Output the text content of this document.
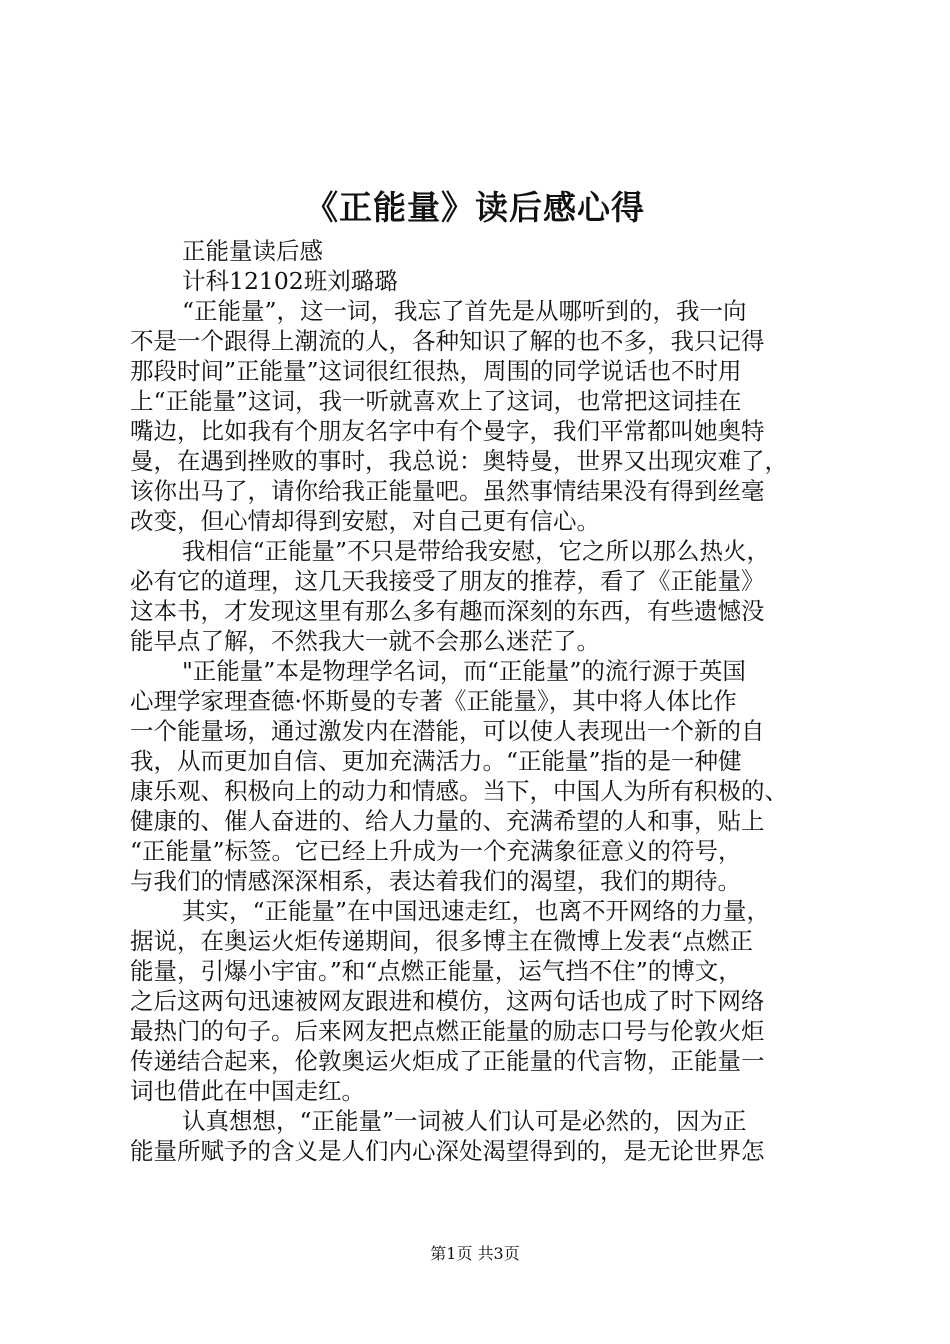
《正能量》读后感心得
正能量读后感
计科12102班刘璐璐
“正能量”，这一词，我忘了首先是从哪听到的，我一向
不是一个跟得上潮流的人，各种知识了解的也不多，我只记得
那段时间”正能量”这词很红很热，周围的同学说话也不时用
上“正能量”这词，我一听就喜欢上了这词，也常把这词挂在
嘴边，比如我有个朋友名字中有个曼字，我们平常都叫她奥特
曼，在遇到挫败的事时，我总说：奥特曼，世界又出现灾难了，
该你出马了，请你给我正能量吧。虽然事情结果没有得到丝毫
改变，但心情却得到安慰，对自己更有信心。
我相信“正能量”不只是带给我安慰，它之所以那么热火，
必有它的道理，这几天我接受了朋友的推荐，看了《正能量》
这本书，才发现这里有那么多有趣而深刻的东西，有些遗憾没
能早点了解，不然我大一就不会那么迷茫了。
"正能量”本是物理学名词，而“正能量”的流行源于英国
心理学家理查德·怀斯曼的专著《正能量》，其中将人体比作
一个能量场，通过激发内在潜能，可以使人表现出一个新的自
我，从而更加自信、更加充满活力。“正能量”指的是一种健
康乐观、积极向上的动力和情感。当下，中国人为所有积极的、
健康的、催人奋进的、给人力量的、充满希望的人和事，贴上
“正能量”标签。它已经上升成为一个充满象征意义的符号，
与我们的情感深深相系，表达着我们的渴望，我们的期待。
其实，“正能量”在中国迅速走红，也离不开网络的力量，
据说，在奥运火炬传递期间，很多博主在微博上发表“点燃正
能量，引爆小宇宙。”和“点燃正能量，运气挡不住”的博文，
之后这两句迅速被网友跟进和模仿，这两句话也成了时下网络
最热门的句子。后来网友把点燃正能量的励志口号与伦敦火炬
传递结合起来，伦敦奥运火炬成了正能量的代言物，正能量一
词也借此在中国走红。
认真想想，“正能量”一词被人们认可是必然的，因为正
能量所赋予的含义是人们内心深处渴望得到的，是无论世界怎
第1页 共3页
